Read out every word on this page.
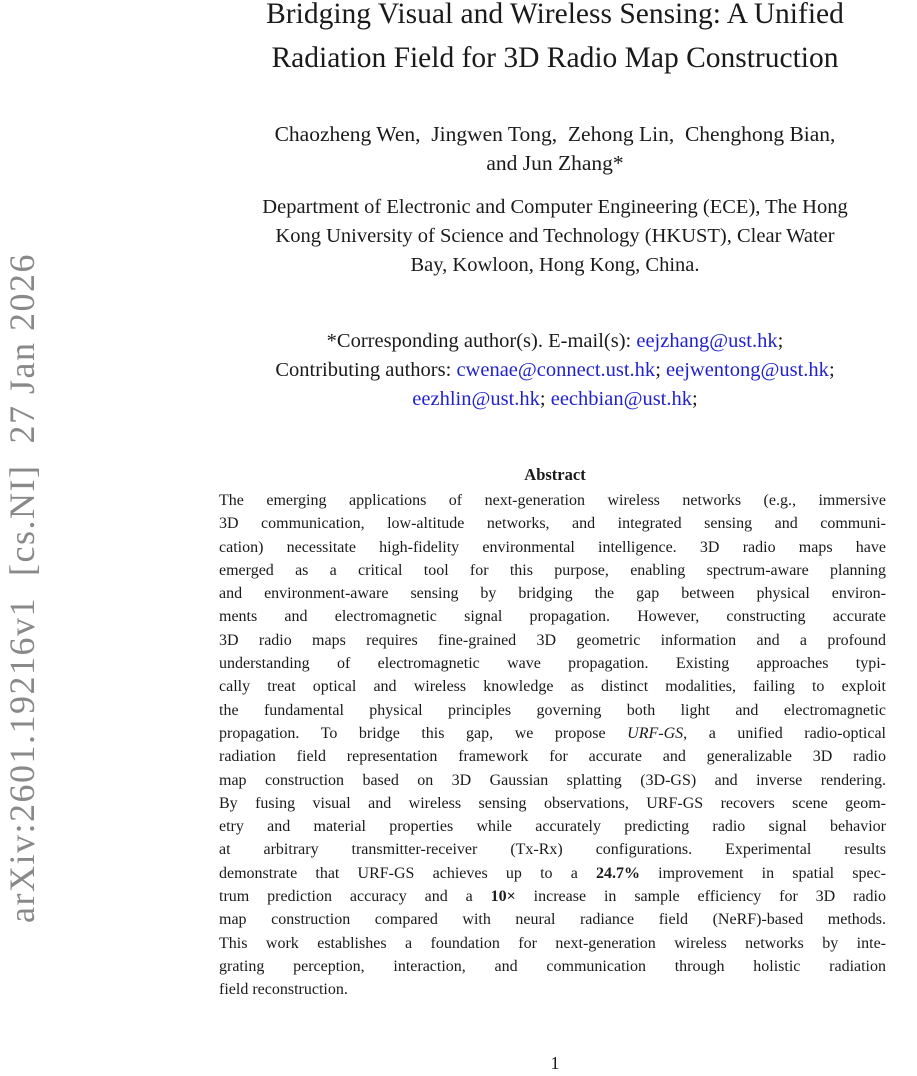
arXiv:2601.19216v1  [cs.NI]  27 Jan 2026
Bridging Visual and Wireless Sensing: A Unified
Radiation Field for 3D Radio Map Construction
Chaozheng Wen,  Jingwen Tong,  Zehong Lin,  Chenghong Bian,
and Jun Zhang*
Department of Electronic and Computer Engineering (ECE), The Hong
Kong University of Science and Technology (HKUST), Clear Water
Bay, Kowloon, Hong Kong, China.
*Corresponding author(s). E-mail(s): eejzhang@ust.hk;
Contributing authors: cwenae@connect.ust.hk; eejwentong@ust.hk;
eezhlin@ust.hk; eechbian@ust.hk;
Abstract
The emerging applications of next-generation wireless networks (e.g., immersive
3D communication, low-altitude networks, and integrated sensing and communi-
cation) necessitate high-fidelity environmental intelligence. 3D radio maps have
emerged as a critical tool for this purpose, enabling spectrum-aware planning
and environment-aware sensing by bridging the gap between physical environ-
ments and electromagnetic signal propagation. However, constructing accurate
3D radio maps requires fine-grained 3D geometric information and a profound
understanding of electromagnetic wave propagation. Existing approaches typi-
cally treat optical and wireless knowledge as distinct modalities, failing to exploit
the fundamental physical principles governing both light and electromagnetic
propagation. To bridge this gap, we propose URF-GS, a unified radio-optical
radiation field representation framework for accurate and generalizable 3D radio
map construction based on 3D Gaussian splatting (3D-GS) and inverse rendering.
By fusing visual and wireless sensing observations, URF-GS recovers scene geom-
etry and material properties while accurately predicting radio signal behavior
at arbitrary transmitter-receiver (Tx-Rx) configurations. Experimental results
demonstrate that URF-GS achieves up to a 24.7% improvement in spatial spec-
trum prediction accuracy and a 10× increase in sample efficiency for 3D radio
map construction compared with neural radiance field (NeRF)-based methods.
This work establishes a foundation for next-generation wireless networks by inte-
grating perception, interaction, and communication through holistic radiation
field reconstruction.
1
